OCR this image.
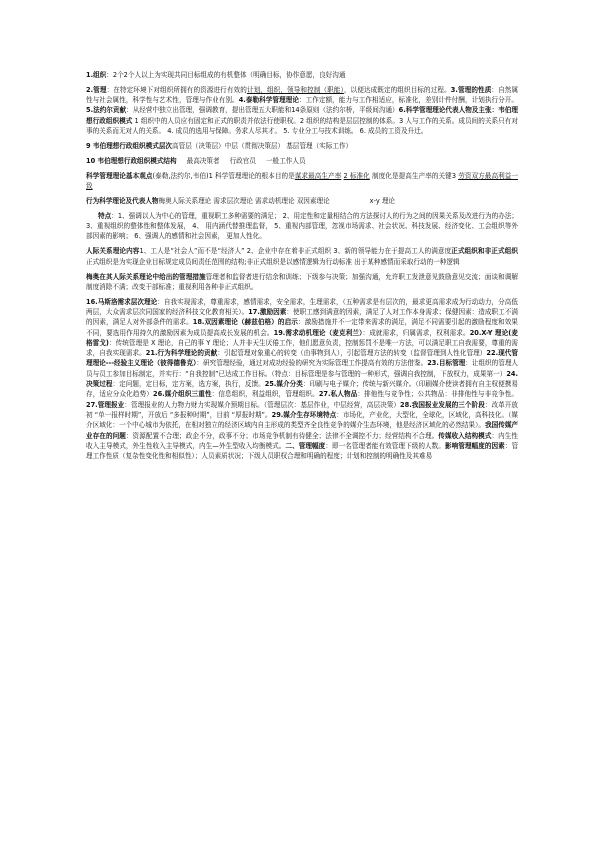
1.组织：2个2个人以上为实现共同目标组成的有机整体（明确目标，协作意愿，良好沟通

2.管理：在特定环境下对组织所拥有的资源进行有效的计划，组织，领导和控制（职能），以便达成既定的组织目标的过程。3.管理的性质：自然属性与社会属性，科学性与艺术性，管理与作业有别。4.泰勒科学管理理论：工作定额，能力与工作相适应，标准化，差别计件付酬，计划执行分开。5.法约尔贡献：从经营中独立出管理，强调教育，提出管理五大职能和14条原则（法约尔桥，平级间沟通）6.科学管理理论代表人物及主张：韦伯理想行政组织模式 1 组织中的人员应有固定和正式的职责并依法行使职权。2 组织的结构是层层控制的体系。3 人与工作的关系。成员间的关系只有对事的关系而无对人的关系。 4. 成员的选用与保障。务求人尽其才。 5. 专业分工与技术训练。 6. 成员的工资及升迁。

9 韦伯理想行政组织模式层次高管层（决策层）中层（贯彻决策层） 基层管理（实际工作）

10 韦伯理想行政组织模式结构 最高决策者 行政官员 一般工作人员

科学管理理论基本观点(泰勒,法约尔,韦伯)1 科学管理理论的根本目的是谋求最高生产率 2 标准化 制度化是提高生产率的关键3 劳资双方最高利益一致

行为科学理论及代表人物梅奥人际关系理论 需求层次理论 需求动机理论 双因素理论	x-y 理论

特点：1、强调以人为中心的管理，重视职工多种需要的满足； 2、用定性和定量相结合的方法探讨人的行为之间的因果关系及改进行为的办法； 3、重视组织的整体性和整体发展， 4、 用内涵代替推理监督， 5、重视内部管理，忽视市场需求、社会状况、科技发展、经济变化、工会组织等外部因素的影响； 6、强调人的感情和社会因素， 更加人性化。

人际关系理论内容1、工人是“社会人”而不是“经济人” 2、企业中存在着非正式组织 3、新的领导能力在于提高工人的满意度正式组织和非正式组织正式组织是为实现企业目标规定成员间责任范围的结构;非正式组织是以感情逻辑为行动标准 出于某种感情而采取行动的一种逻辑

梅奥在其人际关系理论中给出的管理措施管理者和监督者进行结余和训练；下级参与决策；加强沟通，允许职工发泄意见鼓励意见交流；面谈和调解制度消除不满；改变干部标准；重视利用各种非正式组织。

16.马斯洛需求层次理论：自我实现需求，尊重需求，感情需求，安全需求，生理需求，（五种需求是有层次的，最求更高需求成为行动动力，分高低两层，大众需求层次同国家的经济科技文化教育相关）。17.激励因素：使职工感到满意的因素，满足了人对工作本身需求；保健因素：造成职工不满的因素，满足人对外部条件的需求。18.双因素理论（赫兹伯格）的启示：激励措施并不一定带来需求的满足，满足不同需要引起的激励程度和效果不同，要选用作用持久的激励因素为成员提高成长发展的机会。19.需求动机理论（麦克利兰）：成就需求，归属需求，权利需求。20.X-Y 理论(麦格雷戈)：传统管理是 X 理论，自己的事 Y 理论；人并非天生厌倦工作，他们愿意负责，控制惩罚不是唯一方法，可以满足职工自我需要，尊重的需求，自我实现需求。21.行为科学理论的贡献：引起管理对象重心的转变（由事物到人），引起管理方法的转变（监督管理到人性化管理）22.现代管理理论---经验主义理论（彼得德鲁克）：研究管理经验，通过对成功经验的研究为实际管理工作提高有效的方法借鉴。23.目标管理：让组织的管理人员与员工参加目标制定，并实行：“自我控制”已达成工作目标。（特点：目标管理是参与管理的一种形式，强调自我控制，下放权力，成果第一）24.决策过程：定问题，定目标，定方案，选方案，执行，反馈。25.媒介分类：印刷与电子媒介；传统与新兴媒介。（印刷媒介使读者拥有自主权便携易存，适应分众化趋势）26.媒介组织三重性：信息组织，利益组织，管理组织。27.私人物品：排他性与竞争性；公共物品：非排他性与非竞争性。27.管理报业：管理报业的人力物力财力实现媒介预期目标。（管理层次：基层作业，中层经营，高层决策）28.我国报业发展的三个阶段：改革开放初 “单一报样时期”，开放后 “多报种时期”，目前 “厚报时期”。29.媒介生存环境特点：市场化，产业化，大型化，全球化，区域化，高科技化。（媒介区域化：一个中心城市为依托，在相对独立的经济区域内自主形成的类型齐全良性竞争的媒介生态环境，他是经济区域化的必然结果）。我国传媒产业存在的问题：资源配置不合理；政企不分，政事不分；市场竞争机制有待健全；法律不全调控不力；经营结构不合理。传媒收入结构模式：内生性收入主导模式，外生性收入主导模式，内生—外生型收入均衡模式。二、管理幅度：即一名管理者能有效管理下级的人数。影响管理幅度的因素：管理工作性质（复杂性变化性和相似性）；人员素质状况；下级人员职权合理和明确的程度；计划和控制的明确性及其难易
